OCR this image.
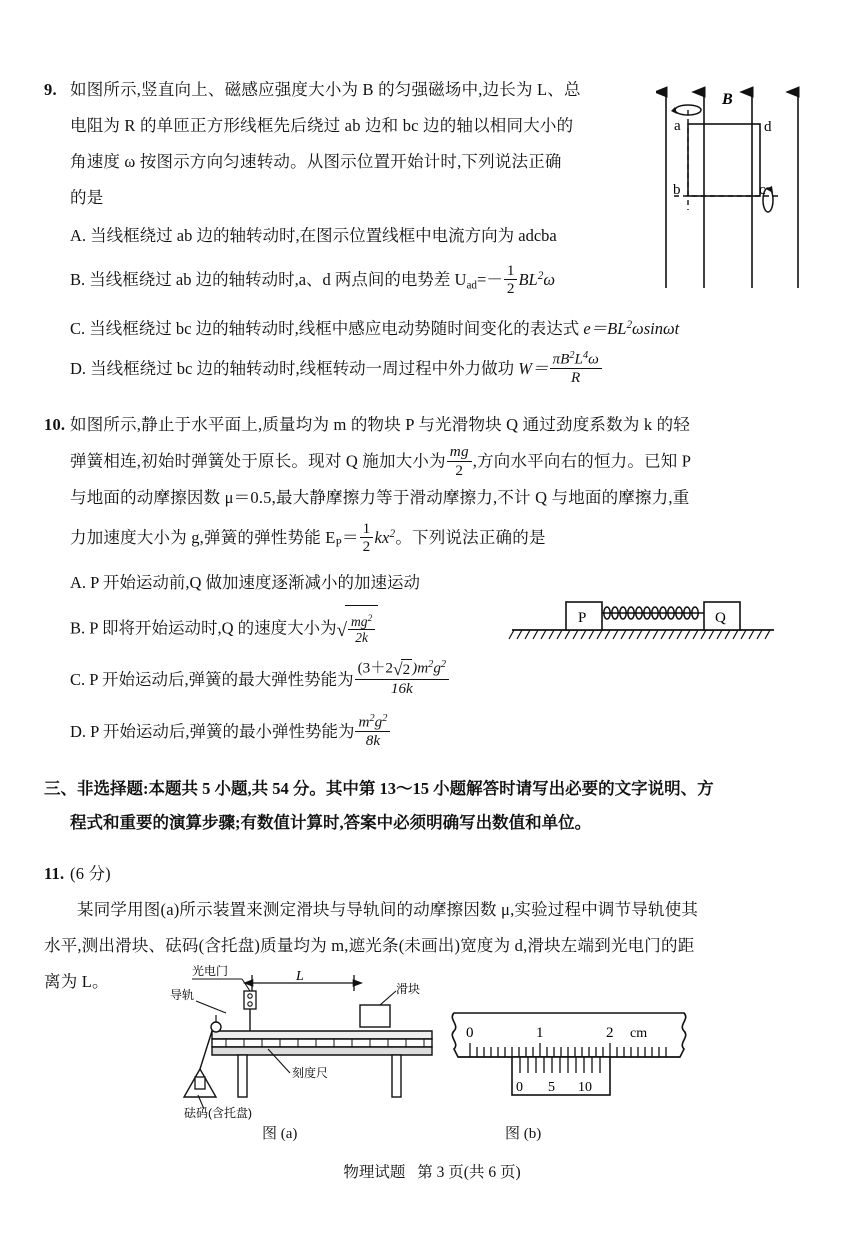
9. 如图所示,竖直向上、磁感应强度大小为 B 的匀强磁场中,边长为 L、总
电阻为 R 的单匝正方形线框先后绕过 ab 边和 bc 边的轴以相同大小的
角速度 ω 按图示方向匀速转动。从图示位置开始计时,下列说法正确
的是
A. 当线框绕过 ab 边的轴转动时,在图示位置线框中电流方向为 adcba
B. 当线框绕过 ab 边的轴转动时,a、d 两点间的电势差 $U_{ad}=- \frac{1}{2} BL^2\omega$
C. 当线框绕过 bc 边的轴转动时,线框中感应电动势随时间变化的表达式 $e=BL^2\omega\sin\omega t$
D. 当线框绕过 bc 边的轴转动时,线框转动一周过程中外力做功 $W= \frac{\pi B^2L^4\omega}{R}$
10. 如图所示,静止于水平面上,质量均为 m 的物块 P 与光滑物块 Q 通过劲度系数为 k 的轻
弹簧相连,初始时弹簧处于原长。现对 Q 施加大小为 $\frac{mg}{2}$ ,方向水平向右的恒力。已知 P
与地面的动摩擦因数 μ＝0.5,最大静摩擦力等于滑动摩擦力,不计 Q 与地面的摩擦力,重
力加速度大小为 g,弹簧的弹性势能 $E_P= \frac{1}{2} kx^2$。下列说法正确的是
A. P 开始运动前,Q 做加速度逐渐减小的加速运动
B. P 即将开始运动时,Q 的速度大小为√ $\frac{mg^2}{2k}$
C. P 开始运动后,弹簧的最大弹性势能为 $\frac{(3+2√2 )m^2g^2}{16k}$
D. P 开始运动后,弹簧的最小弹性势能为 $\frac{m^2g^2}{8k}$
三、非选择题:本题共 5 小题,共 54 分。其中第 13～15 小题解答时请写出必要的文字说明、方
程式和重要的演算步骤;有数值计算时,答案中必须明确写出数值和单位。
11. (6 分)
某同学用图(a)所示装置来测定滑块与导轨间的动摩擦因数 μ,实验过程中调节导轨使其
水平,测出滑块、砝码(含托盘)质量均为 m,遮光条(未画出)宽度为 d,滑块左端到光电门的距
离为 L。
a	d
b	c
B
P	Q
L
光电门
导轨	滑块
刻度尺
砝码(含托盘)
0	1	2 cm
0 5 10
图 (a)	图 (b)
物理试题 第 3 页(共 6 页)
